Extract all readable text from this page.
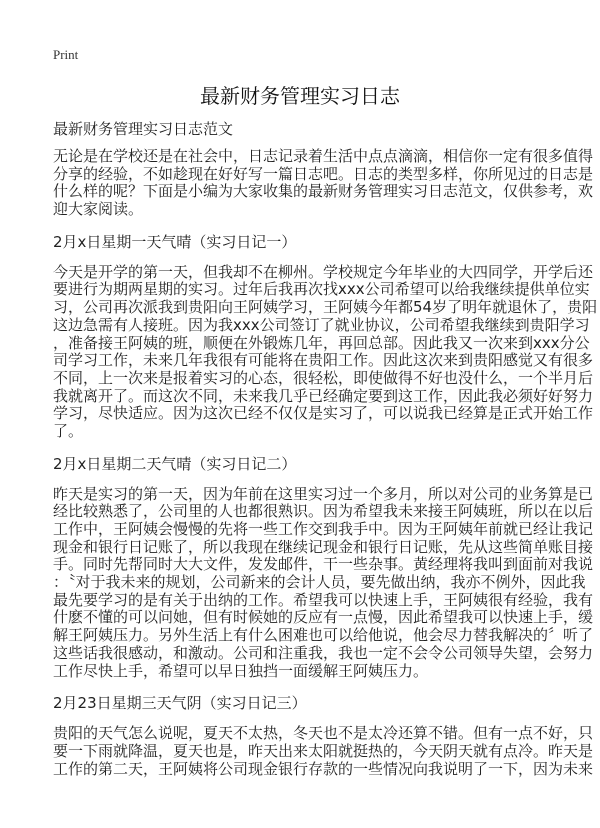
Print
最新财务管理实习日志
最新财务管理实习日志范文
无论是在学校还是在社会中，日志记录着生活中点点滴滴，相信你一定有很多值得
分享的经验，不如趁现在好好写一篇日志吧。日志的类型多样，你所见过的日志是
什么样的呢？下面是小编为大家收集的最新财务管理实习日志范文，仅供参考，欢
迎大家阅读。
2月x日星期一天气晴（实习日记一）
今天是开学的第一天，但我却不在柳州。学校规定今年毕业的大四同学，开学后还
要进行为期两星期的实习。过年后我再次找xxx公司希望可以给我继续提供单位实
习，公司再次派我到贵阳向王阿姨学习，王阿姨今年都54岁了明年就退休了，贵阳
这边急需有人接班。因为我xxx公司签订了就业协议，公司希望我继续到贵阳学习
，准备接王阿姨的班，顺便在外锻炼几年，再回总部。因此我又一次来到xxx分公
司学习工作，未来几年我很有可能将在贵阳工作。因此这次来到贵阳感觉又有很多
不同，上一次来是报着实习的心态，很轻松，即使做得不好也没什么，一个半月后
我就离开了。而这次不同，未来我几乎已经确定要到这工作，因此我必须好好努力
学习，尽快适应。因为这次已经不仅仅是实习了，可以说我已经算是正式开始工作
了。
2月x日星期二天气晴（实习日记二）
昨天是实习的第一天，因为年前在这里实习过一个多月，所以对公司的业务算是已
经比较熟悉了，公司里的人也都很熟识。因为希望我未来接王阿姨班，所以在以后
工作中，王阿姨会慢慢的先将一些工作交到我手中。因为王阿姨年前就已经让我记
现金和银行日记账了，所以我现在继续记现金和银行日记账，先从这些简单账目接
手。同时先帮同时大大文件，发发邮件，干一些杂事。黄经理将我叫到面前对我说
：〝对于我未来的规划，公司新来的会计人员，要先做出纳，我亦不例外，因此我
最先要学习的是有关于出纳的工作。希望我可以快速上手，王阿姨很有经验，我有
什麽不懂的可以问她，但有时候她的反应有一点慢，因此希望我可以快速上手，缓
解王阿姨压力。另外生活上有什么困难也可以给他说，他会尽力替我解决的〞听了
这些话我很感动，和激动。公司和注重我，我也一定不会令公司领导失望，会努力
工作尽快上手，希望可以早日独挡一面缓解王阿姨压力。
2月23日星期三天气阴（实习日记三）
贵阳的天气怎么说呢，夏天不太热，冬天也不是太冷还算不错。但有一点不好，只
要一下雨就降温，夏天也是，昨天出来太阳就挺热的，今天阴天就有点冷。昨天是
工作的第二天，王阿姨将公司现金银行存款的一些情况向我说明了一下，因为未来
